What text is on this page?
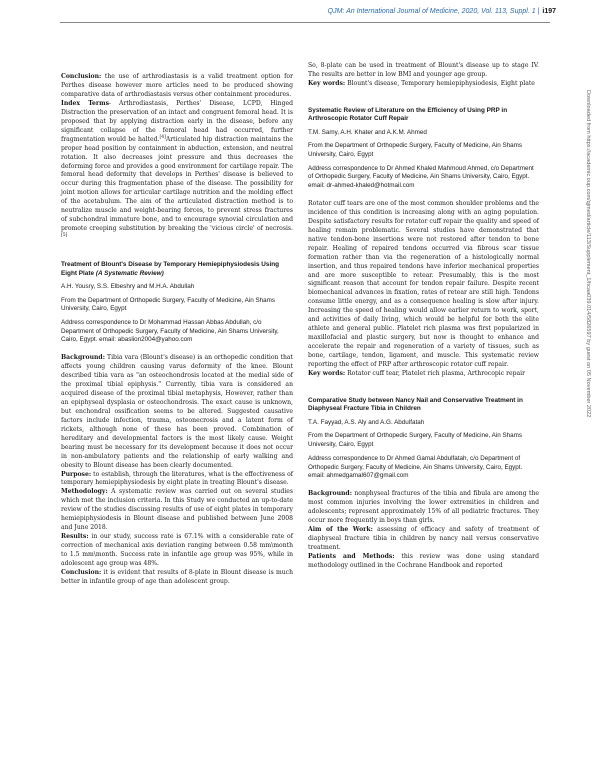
QJM: An International Journal of Medicine, 2020, Vol. 113, Suppl. 1 | i197

Conclusion: the use of arthrodiastasis is a valid treatment option for Perthes disease however more articles need to be produced showing comparative data of arthrodiastasis versus other containment procedures.

Index Terms- Arthrodiastasis, Perthes' Disease, LCPD, Hinged Distraction the preservation of an intact and congruent femoral head. It is proposed that by applying distraction early in the disease, before any significant collapse of the femoral head had occurred, further fragmentation would be halted.[4]Articulated hip distraction maintains the proper head position by containment in abduction, extension, and neutral rotation. It also decreases joint pressure and thus decreases the deforming force and provides a good environment for cartilage repair. The femoral head deformity that develops in Perthes' disease is believed to occur during this fragmentation phase of the disease. The possibility for joint motion allows for articular cartilage nutrition and the molding effect of the acetabulum. The aim of the articulated distraction method is to neutralize muscle and weight-bearing forces, to prevent stress fractures of subchondral immature bone, and to encourage synovial circulation and promote creeping substitution by breaking the 'vicious circle' of necrosis.[5]

Treatment of Blount's Disease by Temporary Hemiepiphysiodesis Using Eight Plate (A Systematic Review)

A.H. Yousry, S.S. Elbeshry and M.H.A. Abdullah

From the Department of Orthopedic Surgery, Faculty of Medicine, Ain Shams University, Cairo, Egypt

Address correspondence to Dr Mohammad Hassan Abbas Abdullah, c/o Department of Orthopedic Surgery, Faculty of Medicine, Ain Shams University, Cairo, Egypt. email: abaslion2004@yahoo.com

Background: Tibia vara (Blount's disease) is an orthopedic condition that affects young children causing varus deformity of the knee. Blount described tibia vara as "an osteochondrosis located at the medial side of the proximal tibial epiphysis." Currently, tibia vara is considered an acquired disease of the proximal tibial metaphysis, However, rather than an epiphyseal dysplasia or osteochondrosis. The exact cause is unknown, but enchondral ossification seems to be altered. Suggested causative factors include infection, trauma, osteonecrosis and a latent form of rickets, although none of these has been proved. Combination of hereditary and developmental factors is the most likely cause. Weight bearing must be necessary for its development because it does not occur in non-ambulatory patients and the relationship of early walking and obesity to Blount disease has been clearly documented.

Purpose: to establish, through the literatures, what is the effectiveness of temporary hemiepiphysiodesis by eight plate in treating Blount's disease.

Methodology: A systematic review was carried out on several studies which met the inclusion criteria. In this Study we conducted an up-to-date review of the studies discussing results of use of eight plates in temporary hemiepiphysiodesis in Blount disease and published between June 2008 and June 2018.

Results: in our study, success rate is 67.1% with a considerable rate of correction of mechanical axis deviation ranging between 0.58 mm\month to 1.5 mm\month. Success rate in infantile age group was 95%, while in adolescent age group was 48%.

Conclusion: it is evident that results of 8-plate in Blount disease is much better in infantile group of age than adolescent group.

So, 8-plate can be used in treatment of Blount's disease up to stage IV. The results are better in low BMI and younger age group.

Key words: Blount's disease, Temporary hemiepiphysiodesis, Eight plate

Systematic Review of Literature on the Efficiency of Using PRP in Arthroscopic Rotator Cuff Repair

T.M. Samy, A.H. Khater and A.K.M. Ahmed

From the Department of Orthopedic Surgery, Faculty of Medicine, Ain Shams University, Cairo, Egypt

Address correspondence to Dr Ahmed Khaled Mahmoud Ahmed, c/o Department of Orthopedic Surgery, Faculty of Medicine, Ain Shams University, Cairo, Egypt. email: dr-ahmed-khaled@hotmail.com

Rotator cuff tears are one of the most common shoulder problems and the incidence of this condition is increasing along with an aging population. Despite satisfactory results for rotator cuff repair the quality and speed of healing remain problematic. Several studies have demonstrated that native tendon-bone insertions were not restored after tendon to bone repair. Healing of repaired tendons occurred via fibrous scar tissue formation rather than via the regeneration of a histologically normal insertion, and thus repaired tendons have inferior mechanical properties and are more susceptible to retear. Presumably, this is the most significant reason that account for tendon repair failure. Despite recent biomechanical advances in fixation, rates of retear are still high. Tendons consume little energy, and as a consequence healing is slow after injury. Increasing the speed of healing would allow earlier return to work, sport, and activities of daily living, which would be helpful for both the elite athlete and general public. Platelet rich plasma was first popularized in maxillofacial and plastic surgery, but now is thought to enhance and accelerate the repair and regeneration of a variety of tissues, such as bone, cartilage, tendon, ligament, and muscle. This systematic review reporting the effect of PRP after arthroscopic rotator cuff repair.

Key words: Rotator cuff tear, Platelet rich plasma, Arthrocopic repair

Comparative Study between Nancy Nail and Conservative Treatment in Diaphyseal Fracture Tibia in Children

T.A. Fayyad, A.S. Aly and A.G. Abdulfatah

From the Department of Orthopedic Surgery, Faculty of Medicine, Ain Shams University, Cairo, Egypt

Address correspondence to Dr Ahmed Gamal Abdulfatah, c/o Department of Orthopedic Surgery, Faculty of Medicine, Ain Shams University, Cairo, Egypt. email: ahmedgamal607@gmail.com

Background: nonphyseal fractures of the tibia and fibula are among the most common injuries involving the lower extremities in children and adolescents; represent approximately 15% of all pediatric fractures. They occur more frequently in boys than girls.

Aim of the Work: assessing of efficacy and safety of treatment of diaphyseal fracture tibia in children by nancy nail versus conservative treatment.

Patients and Methods: this review was done using standard methodology outlined in the Cochrane Handbook and reported

Downloaded from https://academic.oup.com/qjmed/article/113/Supplement_1/hcaa039.014/5826597 by guest on 05 November 2022
